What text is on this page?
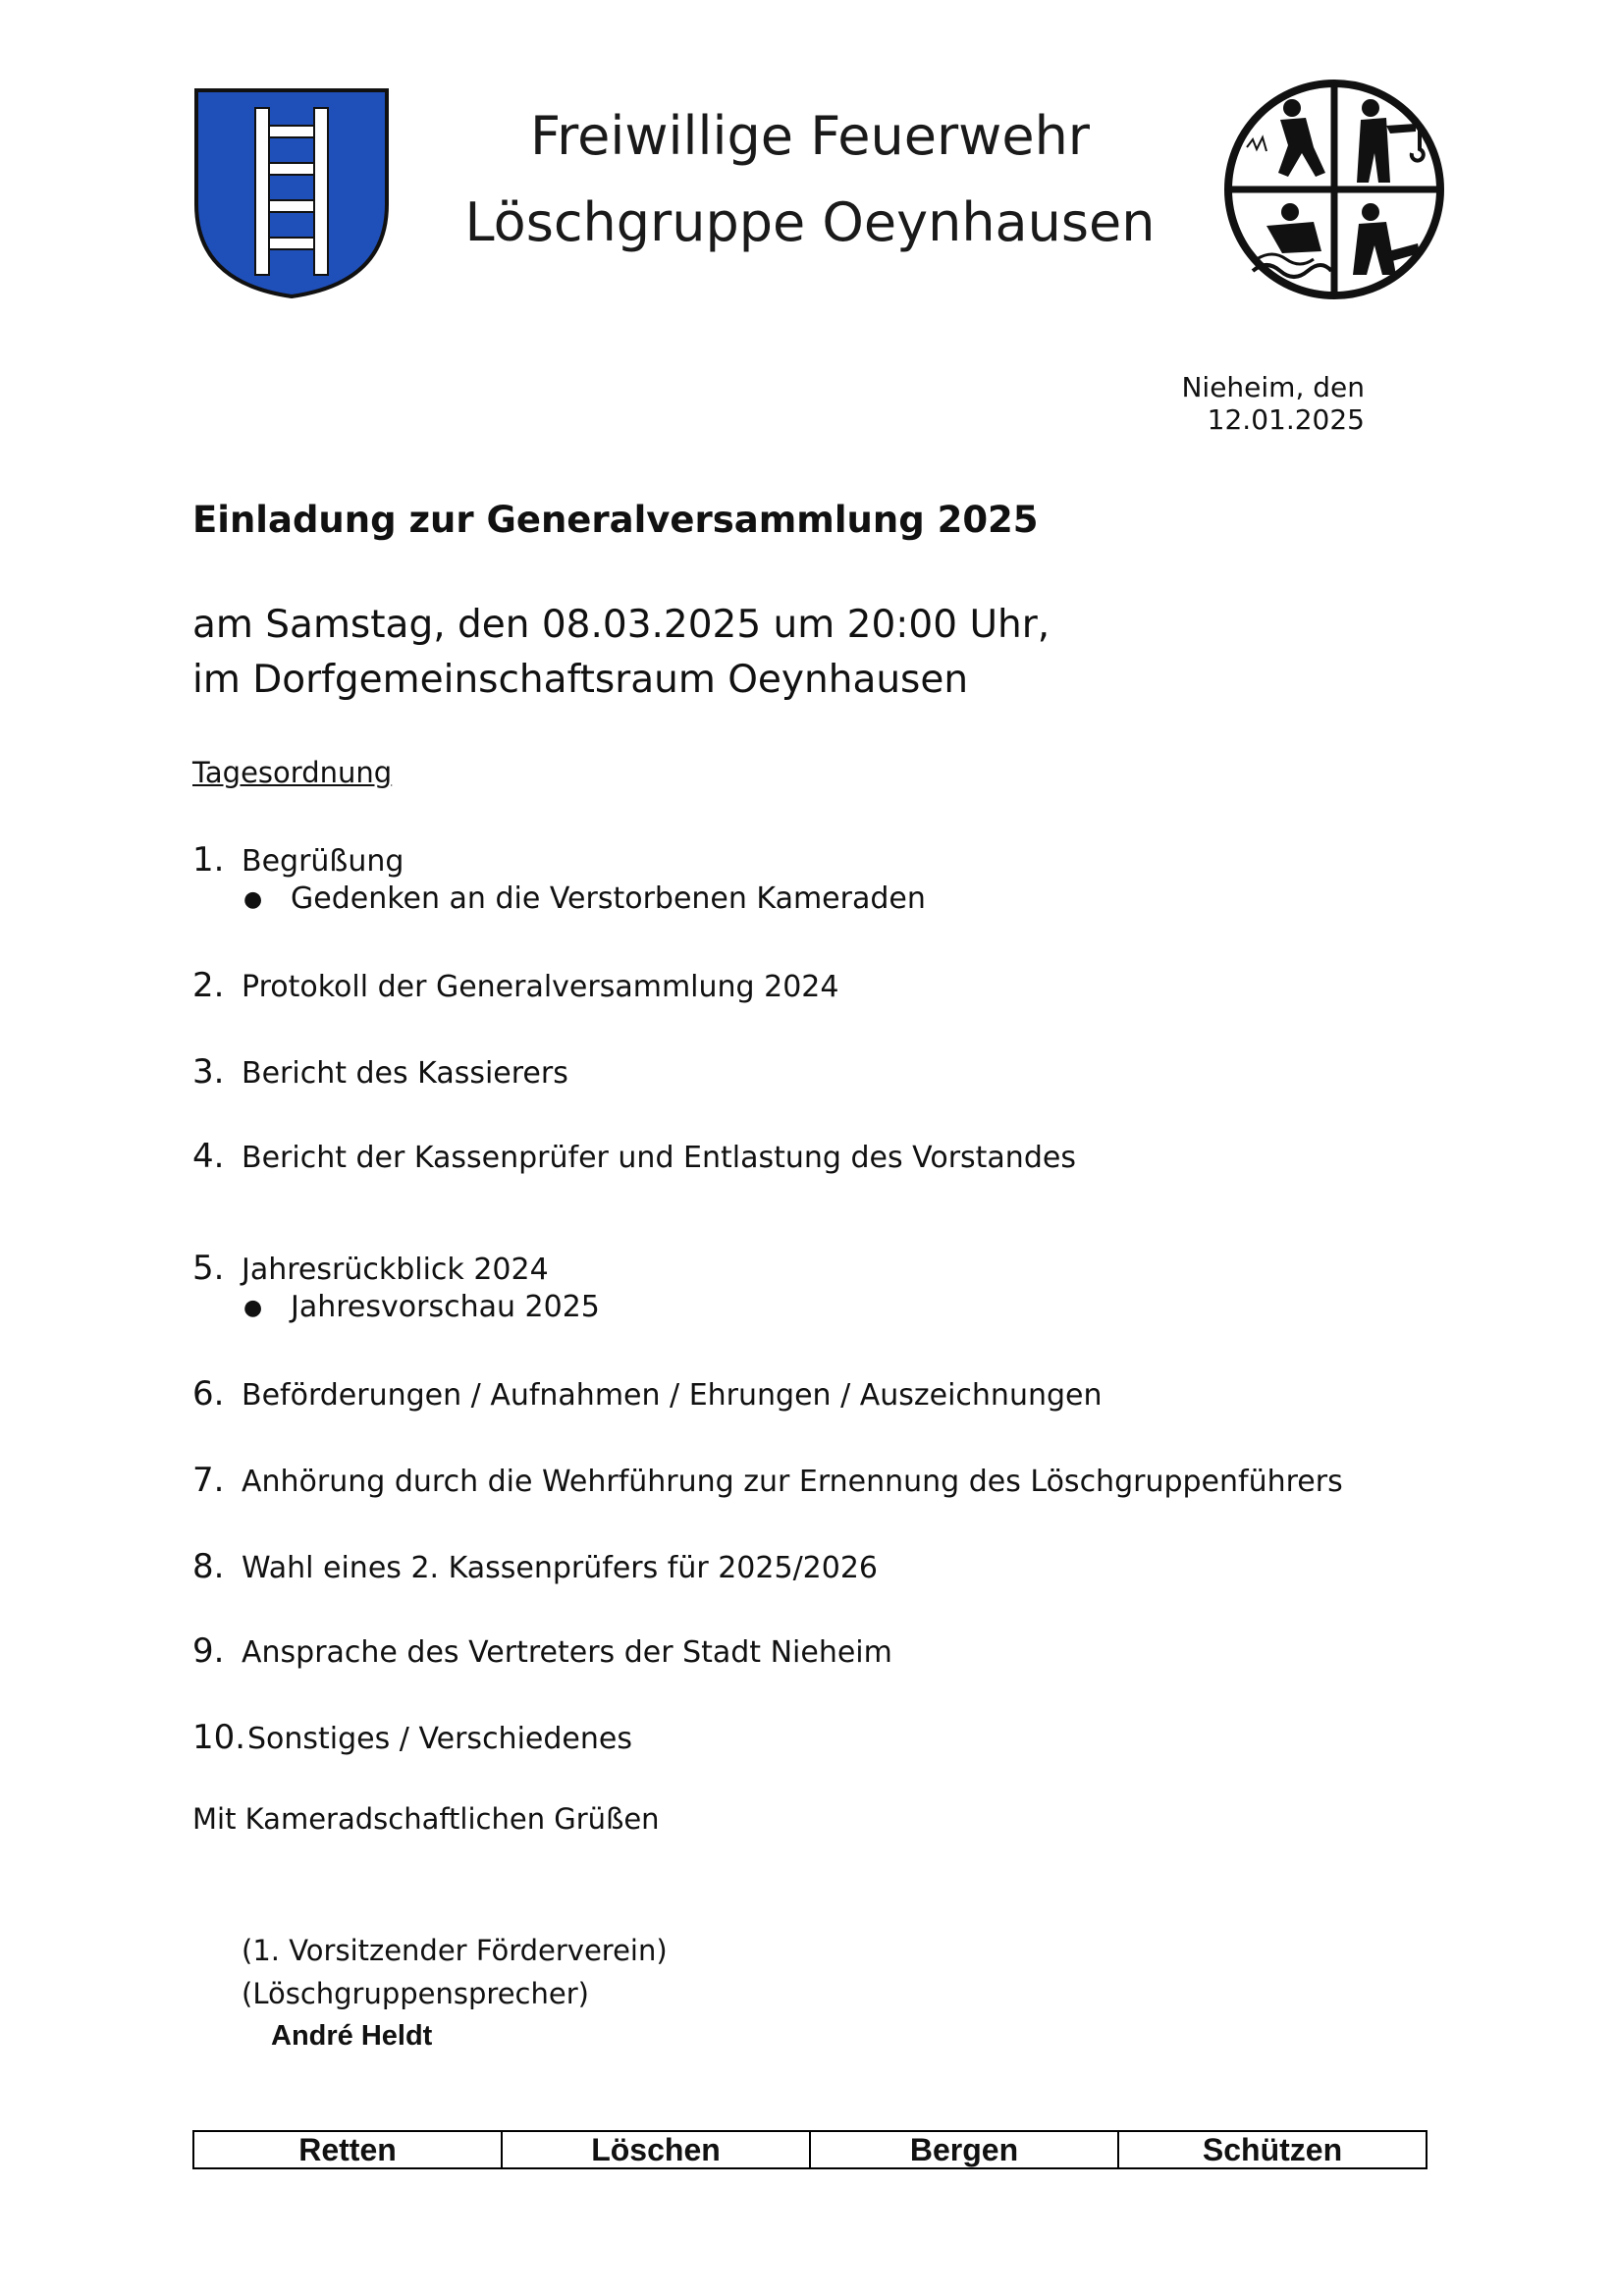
Freiwillige Feuerwehr
Löschgruppe Oeynhausen
Nieheim, den 12.01.2025
Einladung zur Generalversammlung 2025
am Samstag, den 08.03.2025 um 20:00 Uhr,
im Dorfgemeinschaftsraum Oeynhausen
Tagesordnung
1. Begrüßung
● Gedenken an die Verstorbenen Kameraden
2. Protokoll der Generalversammlung 2024
3. Bericht des Kassierers
4. Bericht der Kassenprüfer und Entlastung des Vorstandes
5. Jahresrückblick 2024
● Jahresvorschau 2025
6. Beförderungen / Aufnahmen / Ehrungen / Auszeichnungen
7. Anhörung durch die Wehrführung zur Ernennung des Löschgruppenführers
8. Wahl eines 2. Kassenprüfers für 2025/2026
9. Ansprache des Vertreters der Stadt Nieheim
10.Sonstiges / Verschiedenes
Mit Kameradschaftlichen Grüßen
(1. Vorsitzender Förderverein)
(Löschgruppensprecher)
André Heldt
Retten	Löschen	Bergen	Schützen
